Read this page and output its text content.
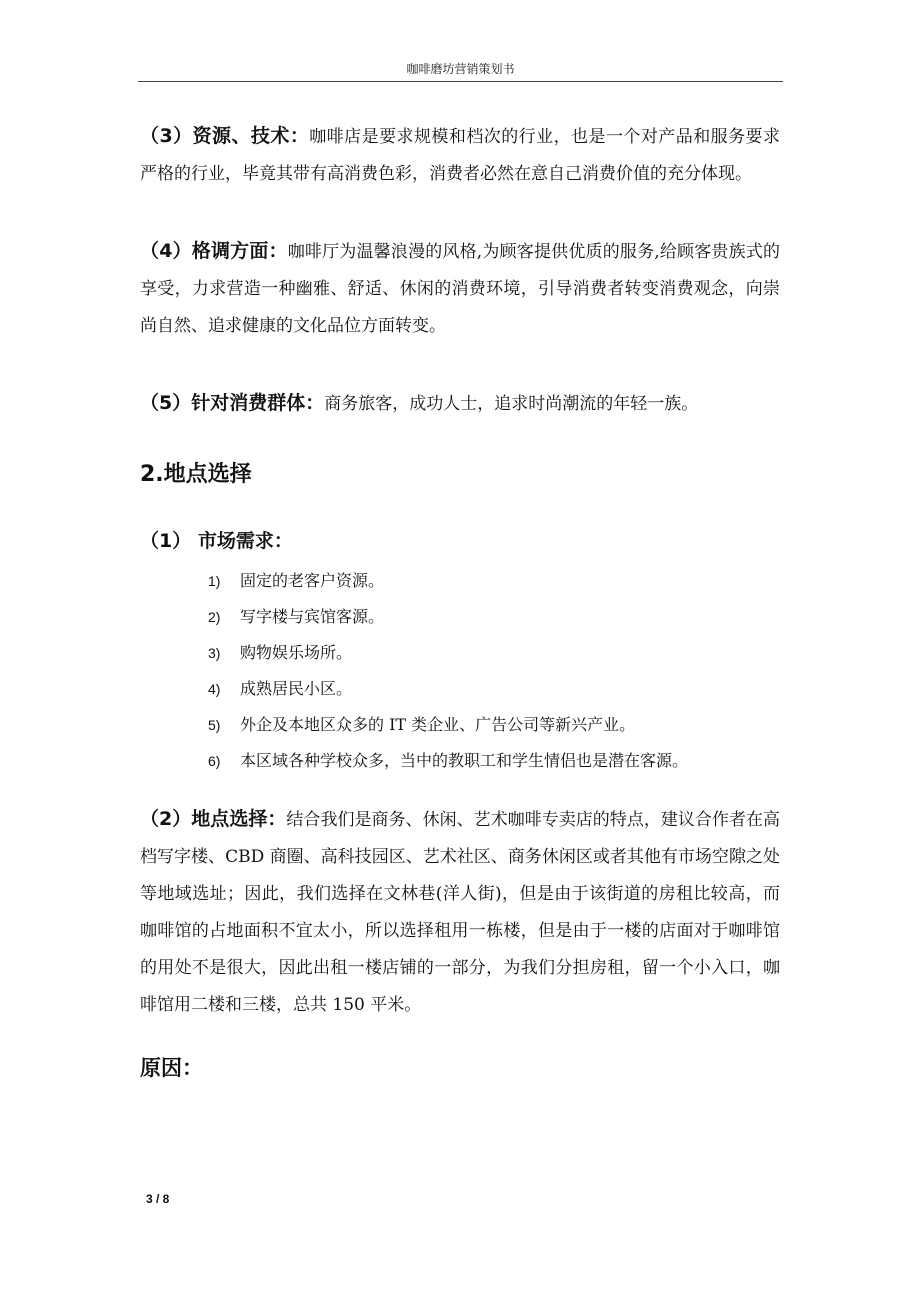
咖啡磨坊营销策划书

（3）资源、技术：咖啡店是要求规模和档次的行业，也是一个对产品和服务要求严格的行业，毕竟其带有高消费色彩，消费者必然在意自己消费价值的充分体现。

（4）格调方面：咖啡厅为温馨浪漫的风格,为顾客提供优质的服务,给顾客贵族式的享受，力求营造一种幽雅、舒适、休闲的消费环境，引导消费者转变消费观念，向崇尚自然、追求健康的文化品位方面转变。

（5）针对消费群体：商务旅客，成功人士，追求时尚潮流的年轻一族。

2.地点选择
（1） 市场需求：
1)	固定的老客户资源。
2)	写字楼与宾馆客源。
3)	购物娱乐场所。
4)	成熟居民小区。
5)	外企及本地区众多的 IT 类企业、广告公司等新兴产业。
6)	本区域各种学校众多，当中的教职工和学生情侣也是潜在客源。

（2）地点选择：结合我们是商务、休闲、艺术咖啡专卖店的特点，建议合作者在高档写字楼、CBD 商圈、高科技园区、艺术社区、商务休闲区或者其他有市场空隙之处等地域选址；因此，我们选择在文林巷(洋人街)，但是由于该街道的房租比较高，而咖啡馆的占地面积不宜太小，所以选择租用一栋楼，但是由于一楼的店面对于咖啡馆的用处不是很大，因此出租一楼店铺的一部分，为我们分担房租，留一个小入口，咖啡馆用二楼和三楼，总共 150 平米。

原因：
3 / 8
